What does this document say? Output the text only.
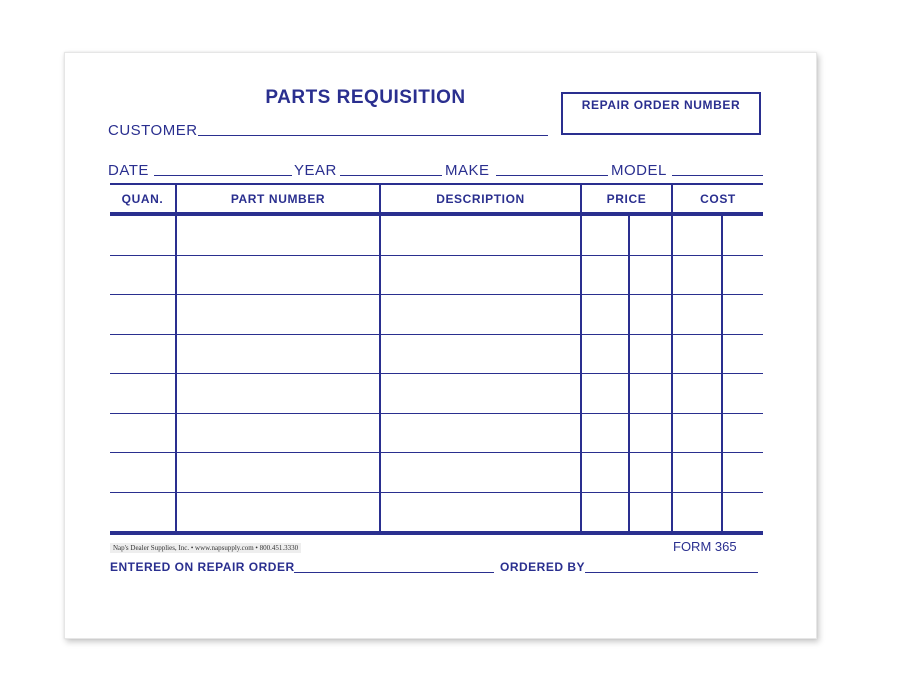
PARTS REQUISITION	REPAIR ORDER NUMBER
CUSTOMER
DATE	YEAR	MAKE	MODEL
QUAN.	PART NUMBER	DESCRIPTION	PRICE	COST
Nap's Dealer Supplies, Inc. • www.napsupply.com • 800.451.3330	FORM 365
ENTERED ON REPAIR ORDER	ORDERED BY
